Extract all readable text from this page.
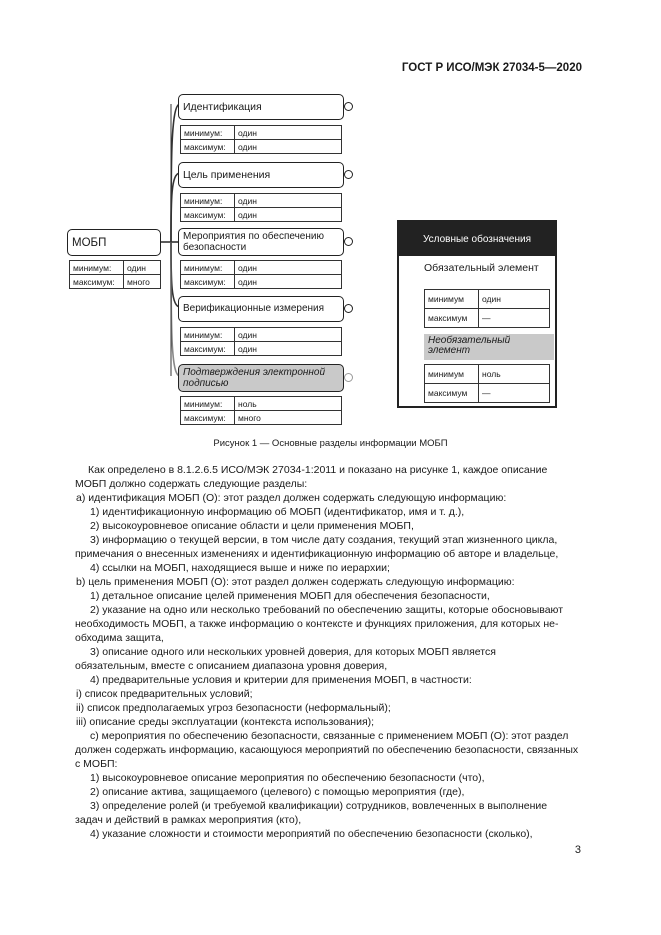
ГОСТ Р ИСО/МЭК 27034-5—2020
МОБП
минимум:	один
максимум:	много
Идентификация
минимум:	один
максимум:	один
Цель применения
минимум:	один
максимум:	один
Мероприятия по обеспечению безопасности
минимум:	один
максимум:	один
Верификационные измерения
минимум:	один
максимум:	один
Подтверждения электронной подписью
минимум:	ноль
максимум:	много
Условные обозначения
Обязательный элемент
минимум	один
максимум	—
Необязательный элемент
минимум	ноль
максимум	—
Рисунок 1 — Основные разделы информации МОБП
Как определено в 8.1.2.6.5 ИСО/МЭК 27034-1:2011 и показано на рисунке 1, каждое описание
МОБП должно содержать следующие разделы:
а) идентификация МОБП (О): этот раздел должен содержать следующую информацию:
1) идентификационную информацию об МОБП (идентификатор, имя и т. д.),
2) высокоуровневое описание области и цели применения МОБП,
3) информацию о текущей версии, в том числе дату создания, текущий этап жизненного цикла,
примечания о внесенных изменениях и идентификационную информацию об авторе и владельце,
4) ссылки на МОБП, находящиеся выше и ниже по иерархии;
b) цель применения МОБП (О): этот раздел должен содержать следующую информацию:
1) детальное описание целей применения МОБП для обеспечения безопасности,
2) указание на одно или несколько требований по обеспечению защиты, которые обосновывают
необходимость МОБП, а также информацию о контексте и функциях приложения, для которых не-
обходима защита,
3) описание одного или нескольких уровней доверия, для которых МОБП является
обязательным, вместе с описанием диапазона уровня доверия,
4) предварительные условия и критерии для применения МОБП, в частности:
i) список предварительных условий;
ii) список предполагаемых угроз безопасности (неформальный);
iii) описание среды эксплуатации (контекста использования);
c) мероприятия по обеспечению безопасности, связанные с применением МОБП (О): этот раздел
должен содержать информацию, касающуюся мероприятий по обеспечению безопасности, связанных
с МОБП:
1) высокоуровневое описание мероприятия по обеспечению безопасности (что),
2) описание актива, защищаемого (целевого) с помощью мероприятия (где),
3) определение ролей (и требуемой квалификации) сотрудников, вовлеченных в выполнение
задач и действий в рамках мероприятия (кто),
4) указание сложности и стоимости мероприятий по обеспечению безопасности (сколько),
3
